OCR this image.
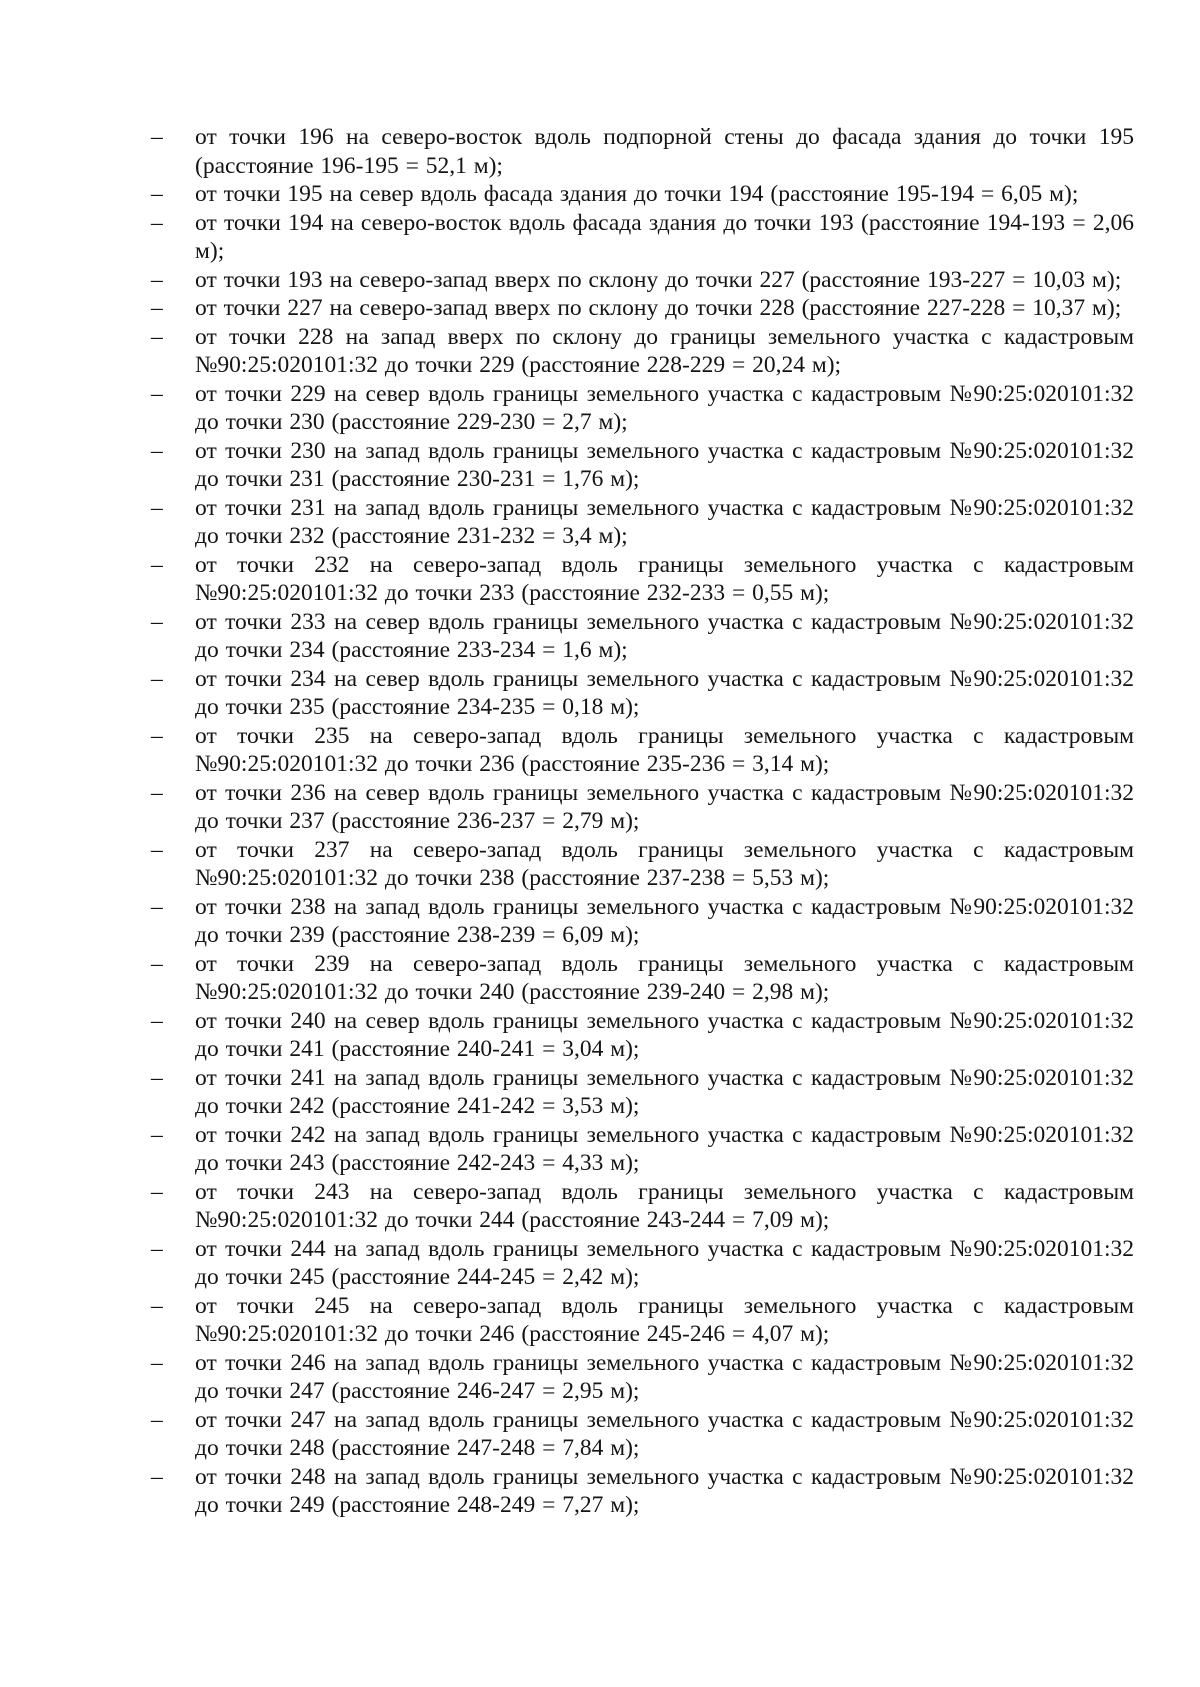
–	от точки 196 на северо-восток вдоль подпорной стены до фасада здания до точки 195 (расстояние 196-195 = 52,1 м);
–	от точки 195 на север вдоль фасада здания до точки 194 (расстояние 195-194 = 6,05 м);
–	от точки 194 на северо-восток вдоль фасада здания до точки 193 (расстояние 194-193 = 2,06 м);
–	от точки 193 на северо-запад вверх по склону до точки 227 (расстояние 193-227 = 10,03 м);
–	от точки 227 на северо-запад вверх по склону до точки 228 (расстояние 227-228 = 10,37 м);
–	от точки 228 на запад вверх по склону до границы земельного участка с кадастровым №90:25:020101:32 до точки 229 (расстояние 228-229 = 20,24 м);
–	от точки 229 на север вдоль границы земельного участка с кадастровым №90:25:020101:32 до точки 230 (расстояние 229-230 = 2,7 м);
–	от точки 230 на запад вдоль границы земельного участка с кадастровым №90:25:020101:32 до точки 231 (расстояние 230-231 = 1,76 м);
–	от точки 231 на запад вдоль границы земельного участка с кадастровым №90:25:020101:32 до точки 232 (расстояние 231-232 = 3,4 м);
–	от точки 232 на северо-запад вдоль границы земельного участка с кадастровым №90:25:020101:32 до точки 233 (расстояние 232-233 = 0,55 м);
–	от точки 233 на север вдоль границы земельного участка с кадастровым №90:25:020101:32 до точки 234 (расстояние 233-234 = 1,6 м);
–	от точки 234 на север вдоль границы земельного участка с кадастровым №90:25:020101:32 до точки 235 (расстояние 234-235 = 0,18 м);
–	от точки 235 на северо-запад вдоль границы земельного участка с кадастровым №90:25:020101:32 до точки 236 (расстояние 235-236 = 3,14 м);
–	от точки 236 на север вдоль границы земельного участка с кадастровым №90:25:020101:32 до точки 237 (расстояние 236-237 = 2,79 м);
–	от точки 237 на северо-запад вдоль границы земельного участка с кадастровым №90:25:020101:32 до точки 238 (расстояние 237-238 = 5,53 м);
–	от точки 238 на запад вдоль границы земельного участка с кадастровым №90:25:020101:32 до точки 239 (расстояние 238-239 = 6,09 м);
–	от точки 239 на северо-запад вдоль границы земельного участка с кадастровым №90:25:020101:32 до точки 240 (расстояние 239-240 = 2,98 м);
–	от точки 240 на север вдоль границы земельного участка с кадастровым №90:25:020101:32 до точки 241 (расстояние 240-241 = 3,04 м);
–	от точки 241 на запад вдоль границы земельного участка с кадастровым №90:25:020101:32 до точки 242 (расстояние 241-242 = 3,53 м);
–	от точки 242 на запад вдоль границы земельного участка с кадастровым №90:25:020101:32 до точки 243 (расстояние 242-243 = 4,33 м);
–	от точки 243 на северо-запад вдоль границы земельного участка с кадастровым №90:25:020101:32 до точки 244 (расстояние 243-244 = 7,09 м);
–	от точки 244 на запад вдоль границы земельного участка с кадастровым №90:25:020101:32 до точки 245 (расстояние 244-245 = 2,42 м);
–	от точки 245 на северо-запад вдоль границы земельного участка с кадастровым №90:25:020101:32 до точки 246 (расстояние 245-246 = 4,07 м);
–	от точки 246 на запад вдоль границы земельного участка с кадастровым №90:25:020101:32 до точки 247 (расстояние 246-247 = 2,95 м);
–	от точки 247 на запад вдоль границы земельного участка с кадастровым №90:25:020101:32 до точки 248 (расстояние 247-248 = 7,84 м);
–	от точки 248 на запад вдоль границы земельного участка с кадастровым №90:25:020101:32 до точки 249 (расстояние 248-249 = 7,27 м);
